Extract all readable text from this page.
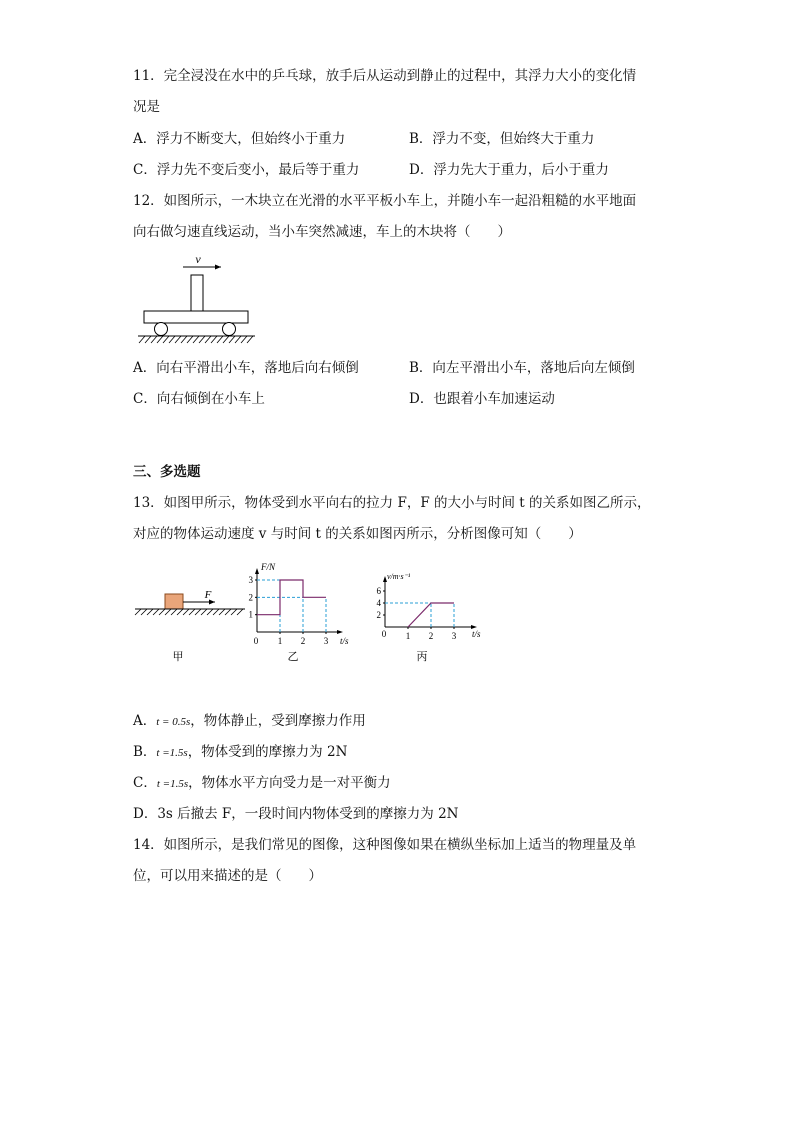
11．完全浸没在水中的乒乓球，放手后从运动到静止的过程中，其浮力大小的变化情
况是
A．浮力不断变大，但始终小于重力	B．浮力不变，但始终大于重力
C．浮力先不变后变小，最后等于重力	D．浮力先大于重力，后小于重力
12．如图所示，一木块立在光滑的水平平板小车上，并随小车一起沿粗糙的水平地面
向右做匀速直线运动，当小车突然减速，车上的木块将（　　）
v
A．向右平滑出小车，落地后向右倾倒	B．向左平滑出小车，落地后向左倾倒
C．向右倾倒在小车上	D．也跟着小车加速运动
三、多选题
13．如图甲所示，物体受到水平向右的拉力 F，F 的大小与时间 t 的关系如图乙所示，
对应的物体运动速度 v 与时间 t 的关系如图丙所示，分析图像可知（　　）
F
甲
F/N
t/s
0 1 2 3
1
2
3
乙
v/m·s⁻¹
t/s
0 1 2 3
2
4
6
丙
A．t = 0.5s，物体静止，受到摩擦力作用
B．t =1.5s，物体受到的摩擦力为 2N
C．t =1.5s，物体水平方向受力是一对平衡力
D．3s 后撤去 F，一段时间内物体受到的摩擦力为 2N
14．如图所示，是我们常见的图像，这种图像如果在横纵坐标加上适当的物理量及单
位，可以用来描述的是（　　）
